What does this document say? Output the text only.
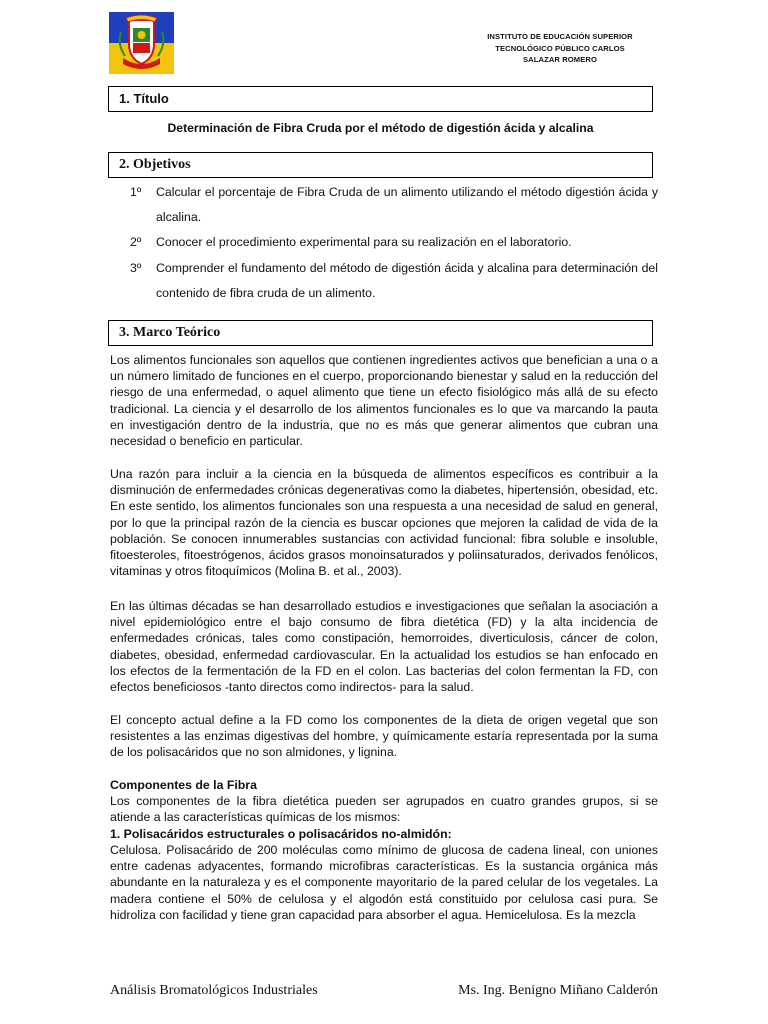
INSTITUTO DE EDUCACIÓN SUPERIOR
TECNOLÓGICO PÚBLICO CARLOS
SALAZAR ROMERO
1. Título
Determinación de Fibra Cruda por el método de digestión ácida y alcalina
2. Objetivos
1º Calcular el porcentaje de Fibra Cruda de un alimento utilizando el método digestión ácida y alcalina.
2º Conocer el procedimiento experimental para su realización en el laboratorio.
3º Comprender el fundamento del método de digestión ácida y alcalina para determinación del contenido de fibra cruda de un alimento.
3. Marco Teórico
Los alimentos funcionales son aquellos que contienen ingredientes activos que benefician a una o a un número limitado de funciones en el cuerpo, proporcionando bienestar y salud en la reducción del riesgo de una enfermedad, o aquel alimento que tiene un efecto fisiológico más allá de su efecto tradicional. La ciencia y el desarrollo de los alimentos funcionales es lo que va marcando la pauta en investigación dentro de la industria, que no es más que generar alimentos que cubran una necesidad o beneficio en particular.
Una razón para incluir a la ciencia en la búsqueda de alimentos específicos es contribuir a la disminución de enfermedades crónicas degenerativas como la diabetes, hipertensión, obesidad, etc. En este sentido, los alimentos funcionales son una respuesta a una necesidad de salud en general, por lo que la principal razón de la ciencia es buscar opciones que mejoren la calidad de vida de la población. Se conocen innumerables sustancias con actividad funcional: fibra soluble e insoluble, fitoesteroles, fitoestrógenos, ácidos grasos monoinsaturados y poliinsaturados, derivados fenólicos, vitaminas y otros fitoquímicos (Molina B. et al., 2003).
En las últimas décadas se han desarrollado estudios e investigaciones que señalan la asociación a nivel epidemiológico entre el bajo consumo de fibra dietética (FD) y la alta incidencia de enfermedades crónicas, tales como constipación, hemorroides, diverticulosis, cáncer de colon, diabetes, obesidad, enfermedad cardiovascular. En la actualidad los estudios se han enfocado en los efectos de la fermentación de la FD en el colon. Las bacterias del colon fermentan la FD, con efectos beneficiosos -tanto directos como indirectos- para la salud.
El concepto actual define a la FD como los componentes de la dieta de origen vegetal que son resistentes a las enzimas digestivas del hombre, y químicamente estaría representada por la suma de los polisacáridos que no son almidones, y lignina.
Componentes de la Fibra
Los componentes de la fibra dietética pueden ser agrupados en cuatro grandes grupos, si se atiende a las características químicas de los mismos:
1. Polisacáridos estructurales o polisacáridos no-almidón:
Celulosa. Polisacárido de 200 moléculas como mínimo de glucosa de cadena lineal, con uniones entre cadenas adyacentes, formando microfibras características. Es la sustancia orgánica más abundante en la naturaleza y es el componente mayoritario de la pared celular de los vegetales. La madera contiene el 50% de celulosa y el algodón está constituido por celulosa casi pura. Se hidroliza con facilidad y tiene gran capacidad para absorber el agua. Hemicelulosa. Es la mezcla
Análisis Bromatológicos Industriales	Ms. Ing. Benigno Miñano Calderón
